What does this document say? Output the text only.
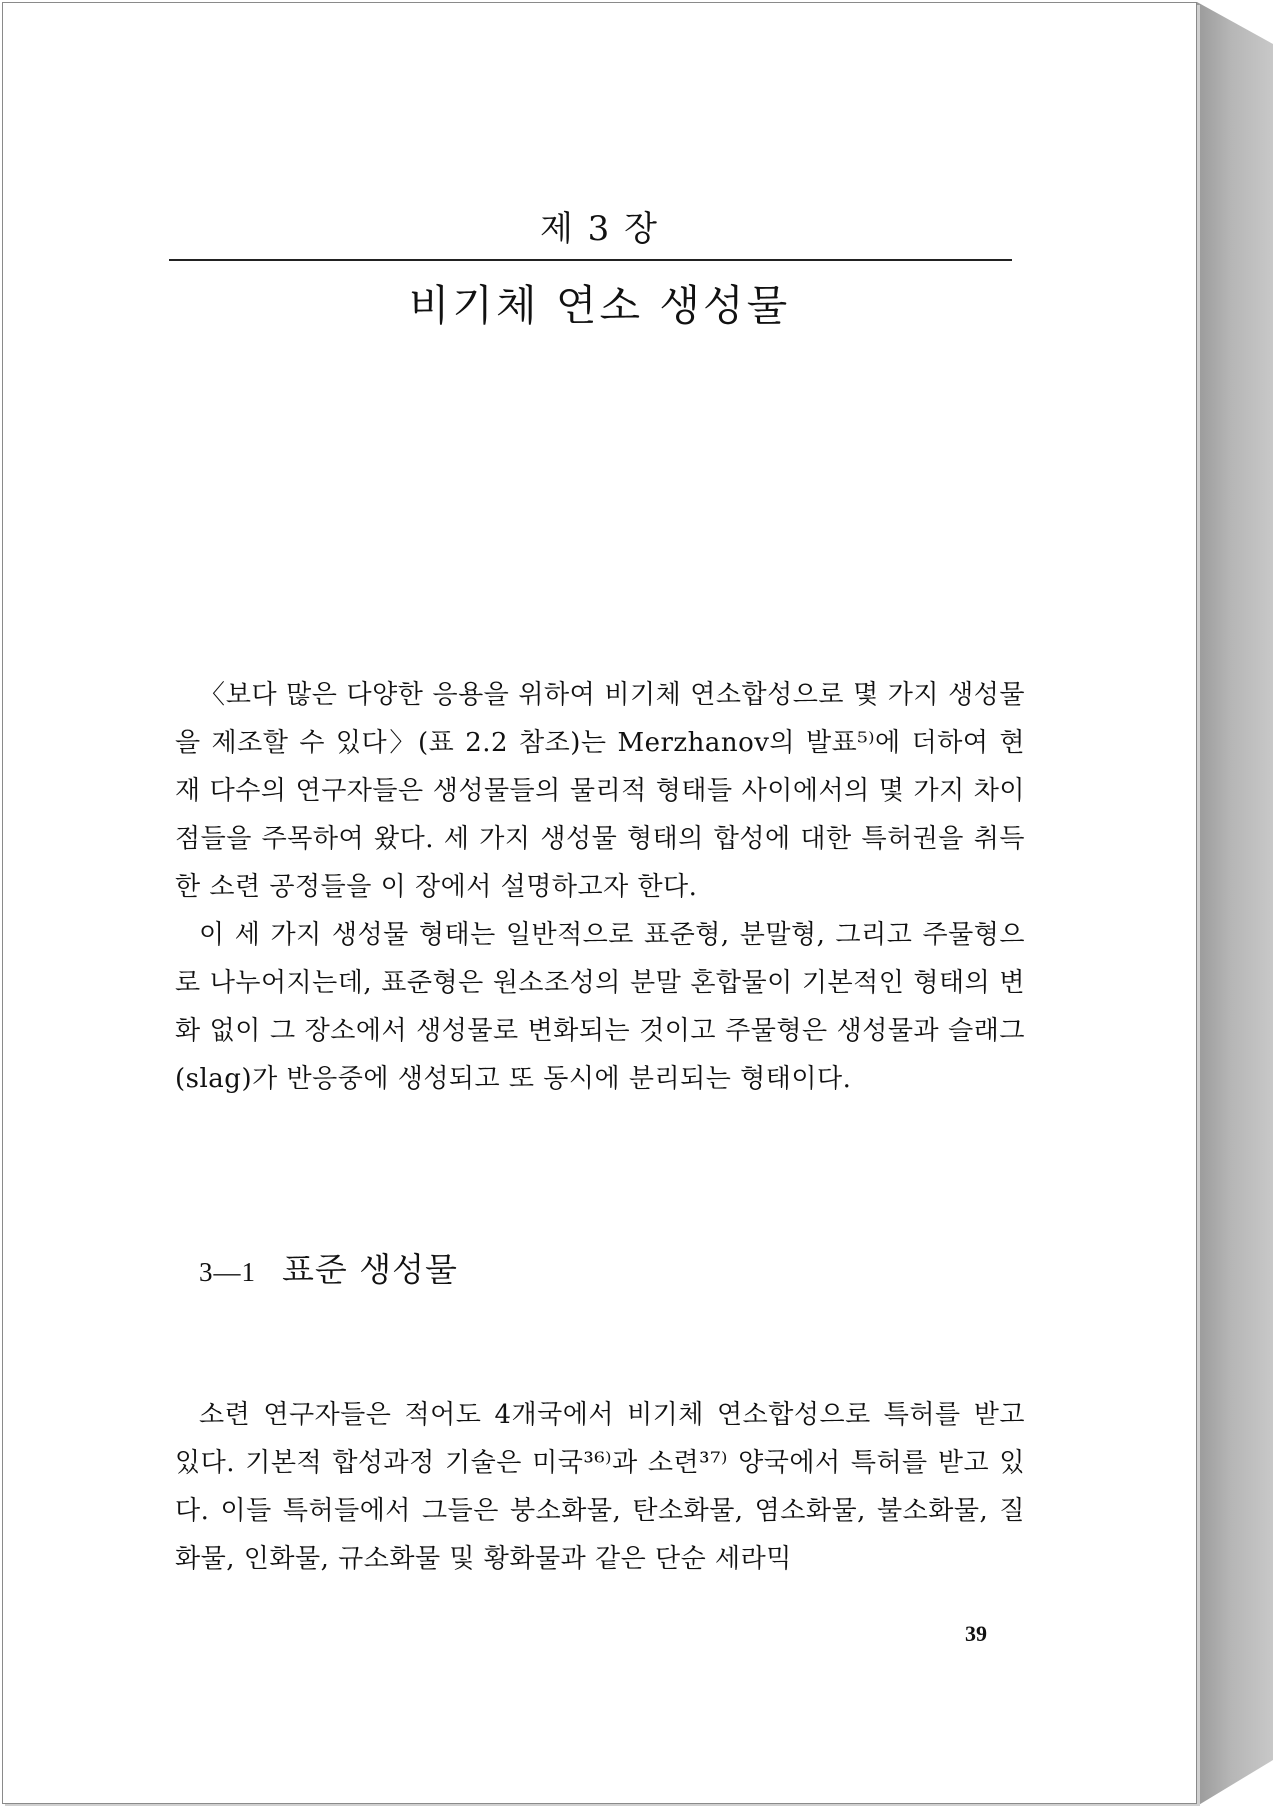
제 3 장
비기체 연소 생성물

〈보다 많은 다양한 응용을 위하여 비기체 연소합성으로 몇 가지 생성물을 제조할 수 있다〉(표 2.2 참조)는 Merzhanov의 발표⁵⁾에 더하여 현재 다수의 연구자들은 생성물들의 물리적 형태들 사이에서의 몇 가지 차이점들을 주목하여 왔다. 세 가지 생성물 형태의 합성에 대한 특허권을 취득한 소련 공정들을 이 장에서 설명하고자 한다.

이 세 가지 생성물 형태는 일반적으로 표준형, 분말형, 그리고 주물형으로 나누어지는데, 표준형은 원소조성의 분말 혼합물이 기본적인 형태의 변화 없이 그 장소에서 생성물로 변화되는 것이고 주물형은 생성물과 슬래그(slag)가 반응중에 생성되고 또 동시에 분리되는 형태이다.

3—1 표준 생성물

소련 연구자들은 적어도 4개국에서 비기체 연소합성으로 특허를 받고 있다. 기본적 합성과정 기술은 미국³⁶⁾과 소련³⁷⁾ 양국에서 특허를 받고 있다. 이들 특허들에서 그들은 붕소화물, 탄소화물, 염소화물, 불소화물, 질화물, 인화물, 규소화물 및 황화물과 같은 단순 세라믹

39
